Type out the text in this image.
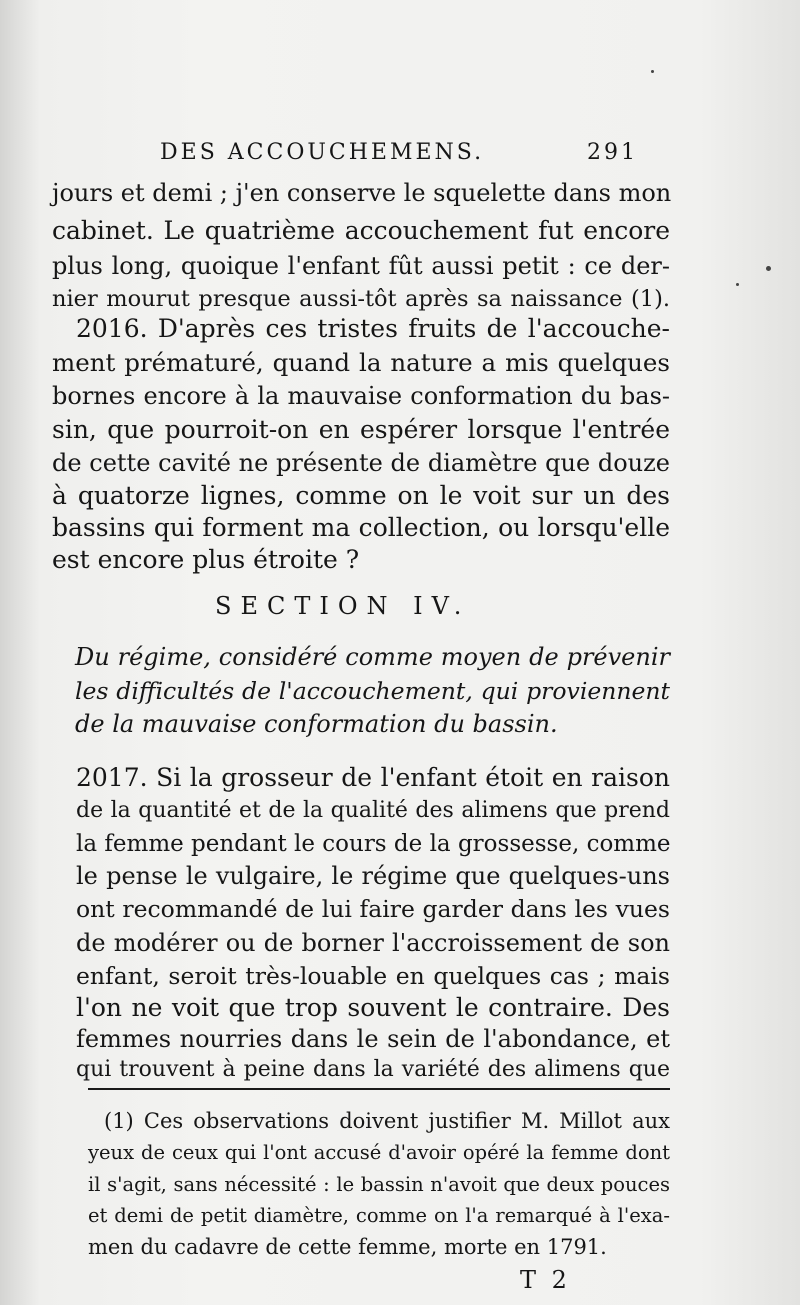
DES ACCOUCHEMENS.	291
jours et demi ; j'en conserve le squelette dans mon
cabinet. Le quatrième accouchement fut encore
plus long, quoique l'enfant fût aussi petit : ce der-
nier mourut presque aussi-tôt après sa naissance (1).
2016. D'après ces tristes fruits de l'accouche-
ment prématuré, quand la nature a mis quelques
bornes encore à la mauvaise conformation du bas-
sin, que pourroit-on en espérer lorsque l'entrée
de cette cavité ne présente de diamètre que douze
à quatorze lignes, comme on le voit sur un des
bassins qui forment ma collection, ou lorsqu'elle
est encore plus étroite ?
SECTION IV.
Du régime, considéré comme moyen de prévenir
les difficultés de l'accouchement, qui proviennent
de la mauvaise conformation du bassin.
2017. Si la grosseur de l'enfant étoit en raison
de la quantité et de la qualité des alimens que prend
la femme pendant le cours de la grossesse, comme
le pense le vulgaire, le régime que quelques-uns
ont recommandé de lui faire garder dans les vues
de modérer ou de borner l'accroissement de son
enfant, seroit très-louable en quelques cas ; mais
l'on ne voit que trop souvent le contraire. Des
femmes nourries dans le sein de l'abondance, et
qui trouvent à peine dans la variété des alimens que
(1) Ces observations doivent justifier M. Millot aux
yeux de ceux qui l'ont accusé d'avoir opéré la femme dont
il s'agit, sans nécessité : le bassin n'avoit que deux pouces
et demi de petit diamètre, comme on l'a remarqué à l'exa-
men du cadavre de cette femme, morte en 1791.
T 2
